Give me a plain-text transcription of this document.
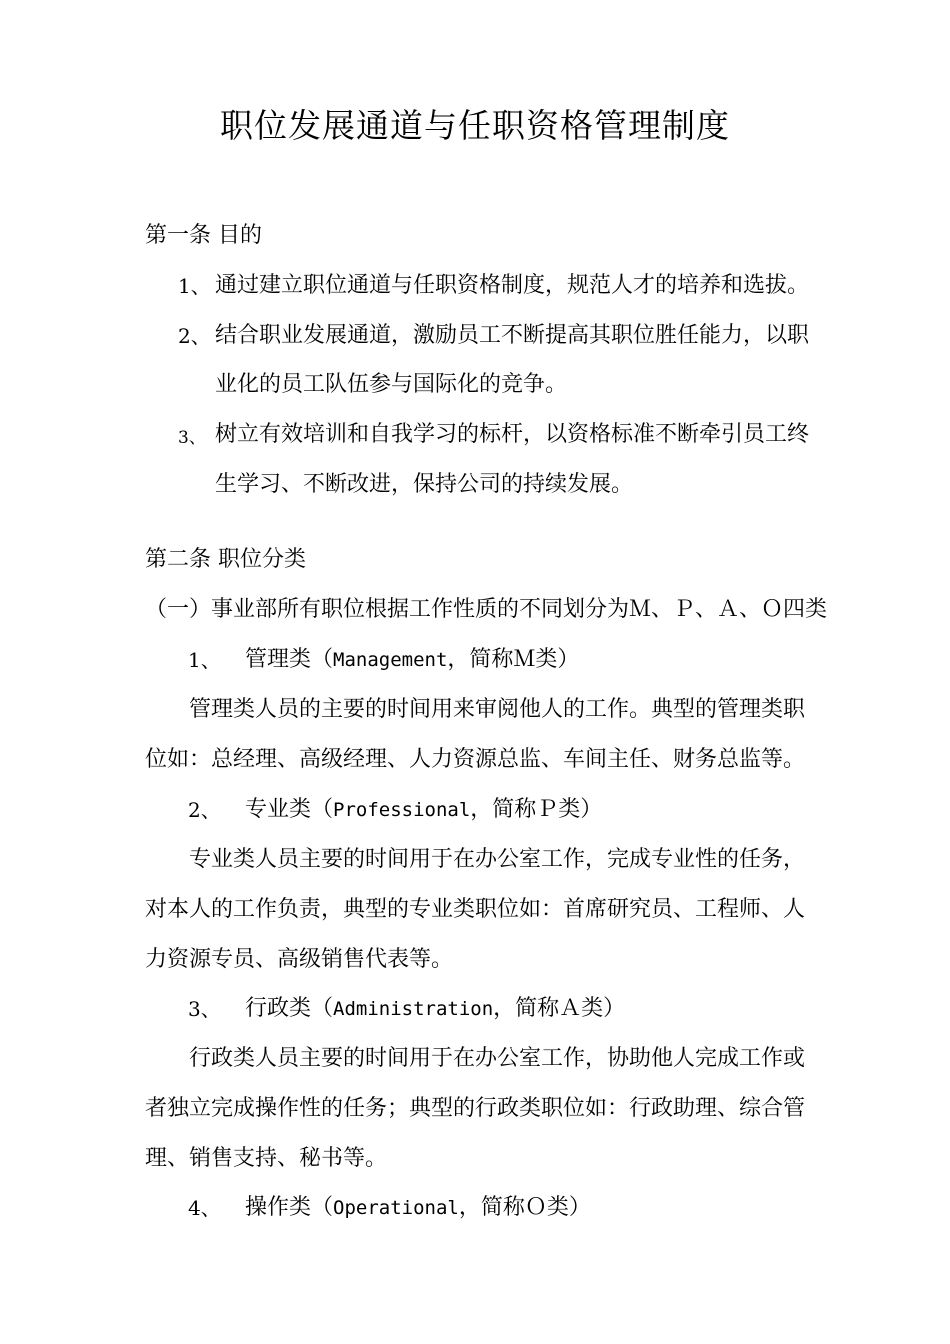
职位发展通道与任职资格管理制度
第一条 目的
1、 通过建立职位通道与任职资格制度，规范人才的培养和选拔。
2、 结合职业发展通道，激励员工不断提高其职位胜任能力，以职
业化的员工队伍参与国际化的竞争。
3、 树立有效培训和自我学习的标杆，以资格标准不断牵引员工终
生学习、不断改进，保持公司的持续发展。
第二条 职位分类
（一）事业部所有职位根据工作性质的不同划分为Ｍ、Ｐ、Ａ、Ｏ四类
1、 管理类（Management，简称Ｍ类）
管理类人员的主要的时间用来审阅他人的工作。典型的管理类职
位如：总经理、高级经理、人力资源总监、车间主任、财务总监等。
2、 专业类（Professional，简称Ｐ类）
专业类人员主要的时间用于在办公室工作，完成专业性的任务，
对本人的工作负责，典型的专业类职位如：首席研究员、工程师、人
力资源专员、高级销售代表等。
3、 行政类（Administration，简称Ａ类）
行政类人员主要的时间用于在办公室工作，协助他人完成工作或
者独立完成操作性的任务；典型的行政类职位如：行政助理、综合管
理、销售支持、秘书等。
4、 操作类（Operational，简称Ｏ类）
